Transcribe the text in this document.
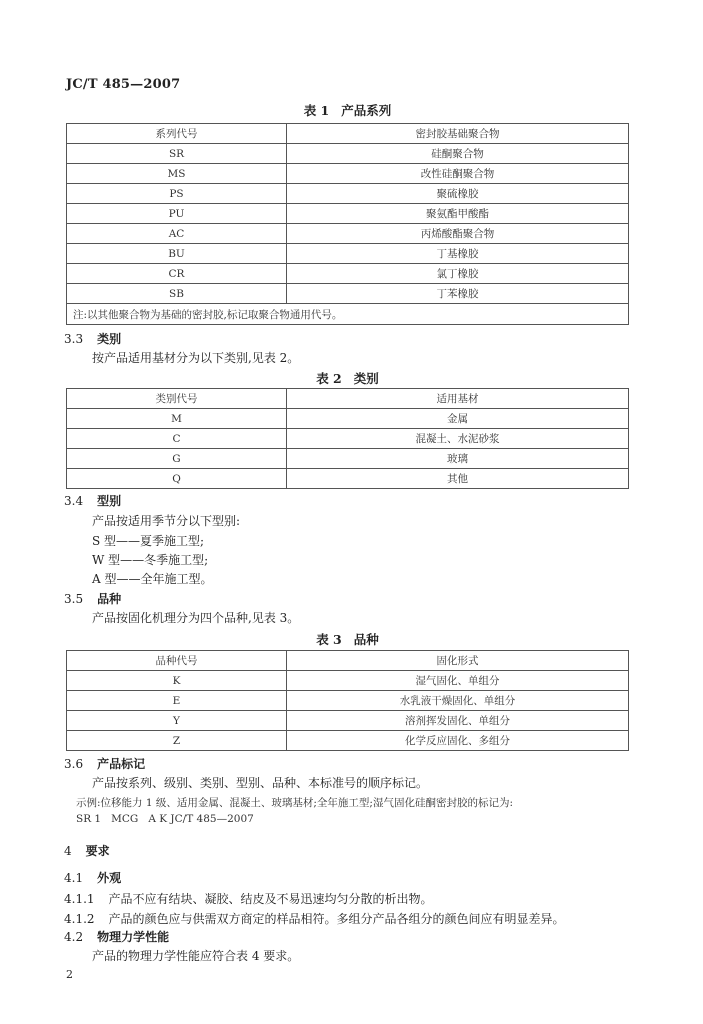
JC/T 485—2007
表 1 产品系列
系列代号	密封胶基础聚合物
SR	硅酮聚合物
MS	改性硅酮聚合物
PS	聚硫橡胶
PU	聚氨酯甲酸酯
AC	丙烯酸酯聚合物
BU	丁基橡胶
CR	氯丁橡胶
SB	丁苯橡胶
注:以其他聚合物为基础的密封胶,标记取聚合物通用代号。	
3.3 类别
按产品适用基材分为以下类别,见表 2。
表 2 类别
类别代号	适用基材
M	金属
C	混凝土、水泥砂浆
G	玻璃
Q	其他
3.4 型别
产品按适用季节分以下型别:
S 型——夏季施工型;
W 型——冬季施工型;
A 型——全年施工型。
3.5 品种
产品按固化机理分为四个品种,见表 3。
表 3 品种
品种代号	固化形式
K	湿气固化、单组分
E	水乳液干燥固化、单组分
Y	溶剂挥发固化、单组分
Z	化学反应固化、多组分
3.6 产品标记
产品按系列、级别、类别、型别、品种、本标准号的顺序标记。
示例:位移能力 1 级、适用金属、混凝土、玻璃基材;全年施工型;湿气固化硅酮密封胶的标记为:
SR 1   MCG   A K JC/T 485—2007
4 要求
4.1 外观
4.1.1 产品不应有结块、凝胶、结皮及不易迅速均匀分散的析出物。
4.1.2 产品的颜色应与供需双方商定的样品相符。多组分产品各组分的颜色间应有明显差异。
4.2 物理力学性能
产品的物理力学性能应符合表 4 要求。
2
